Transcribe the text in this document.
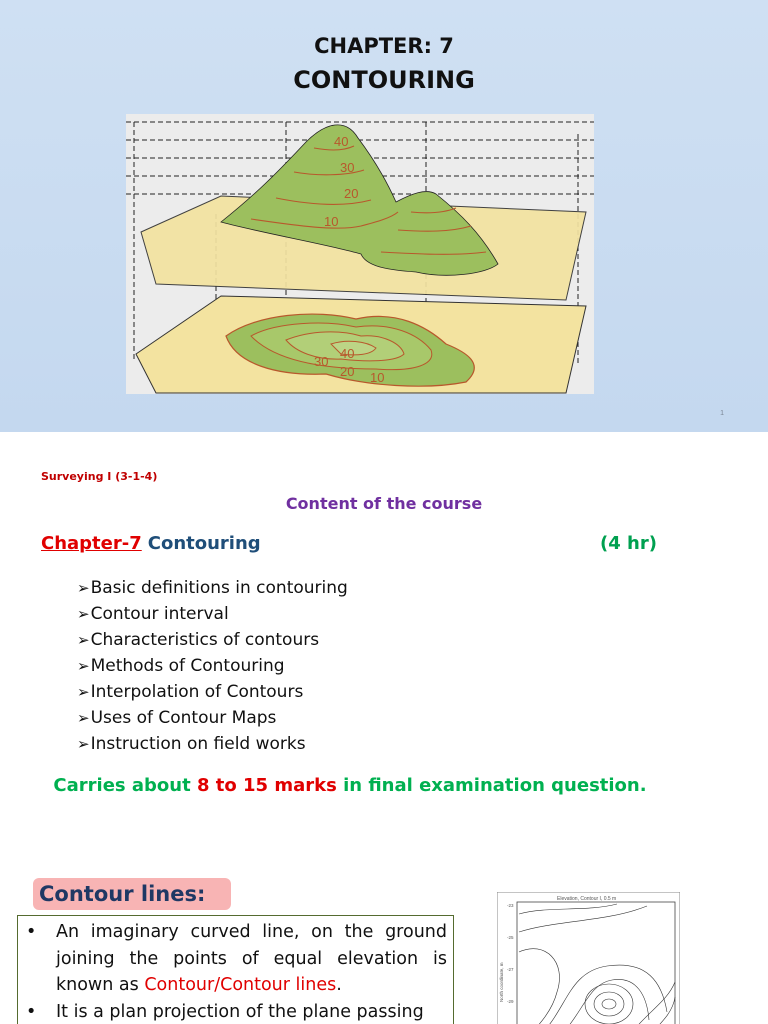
CHAPTER: 7
CONTOURING
30
40
20 10
40
30
20
10
1
Surveying I (3-1-4)
Content of the course
Chapter-7 Contouring	(4 hr)
➢Basic definitions in contouring
➢Contour interval
➢Characteristics of contours
➢Methods of Contouring
➢Interpolation of Contours
➢Uses of Contour Maps
➢Instruction on field works
Carries about 8 to 15 marks in final examination question.
Contour lines:
•	An imaginary curved line, on the ground joining the points of equal elevation is known as Contour/Contour lines.
•	It is a plan projection of the plane passing
Elevation, Contour I, 0.5 m
North coordinate, m
-23
-25
-27
-29
